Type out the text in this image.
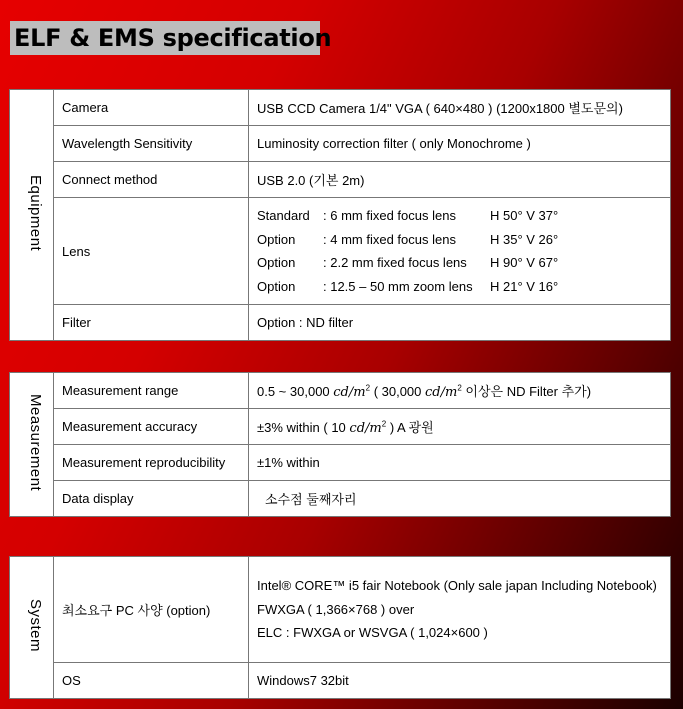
ELF & EMS specification
Equipment	Camera	USB CCD Camera 1/4" VGA ( 640×480 ) (1200x1800 별도문의)
	Wavelength Sensitivity	Luminosity correction filter ( only Monochrome )
	Connect method	USB 2.0 (기본 2m)
	Lens	Standard : 6 mm fixed focus lens H 50° V 37°
Option : 4 mm fixed focus lens H 35° V 26°
Option : 2.2 mm fixed focus lens H 90° V 67°
Option : 12.5 – 50 mm zoom lens H 21° V 16°

	Filter	Option : ND filter
Measurement	Measurement range	0.5 ~ 30,000 $cd/m^2$ ( 30,000 $cd/m^2$ 이상은 ND Filter 추가)
	Measurement accuracy	±3% within ( 10 $cd/m^2$ ) A 광원
	Measurement reproducibility	±1% within
	Data display	소수점 둘째자리
System	최소요구 PC 사양 (option)	Intel® CORE™ i5 fair Notebook (Only sale japan Including Notebook)
FWXGA ( 1,366×768 ) over
ELC : FWXGA or WSVGA ( 1,024×600 )

	OS	Windows7 32bit
